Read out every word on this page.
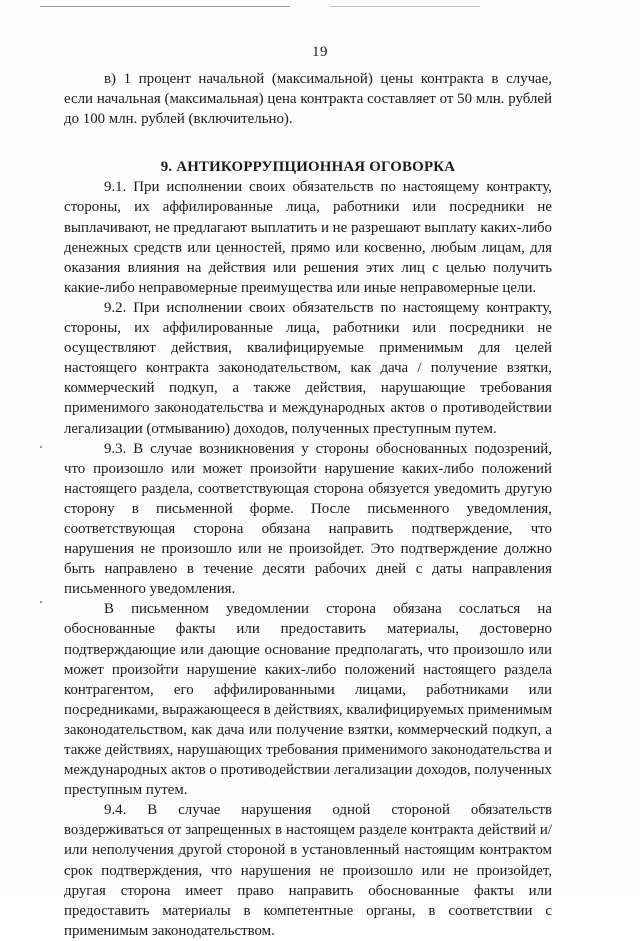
19

в) 1 процент начальной (максимальной) цены контракта в случае, если начальная (максимальная) цена контракта составляет от 50 млн. рублей до 100 млн. рублей (включительно).

9. АНТИКОРРУПЦИОННАЯ ОГОВОРКА

9.1. При исполнении своих обязательств по настоящему контракту, стороны, их аффилированные лица, работники или посредники не выплачивают, не предлагают выплатить и не разрешают выплату каких-либо денежных средств или ценностей, прямо или косвенно, любым лицам, для оказания влияния на действия или решения этих лиц с целью получить какие-либо неправомерные преимущества или иные неправомерные цели.

9.2. При исполнении своих обязательств по настоящему контракту, стороны, их аффилированные лица, работники или посредники не осуществляют действия, квалифицируемые применимым для целей настоящего контракта законодательством, как дача / получение взятки, коммерческий подкуп, а также действия, нарушающие требования применимого законодательства и международных актов о противодействии легализации (отмыванию) доходов, полученных преступным путем.

9.3. В случае возникновения у стороны обоснованных подозрений, что произошло или может произойти нарушение каких-либо положений настоящего раздела, соответствующая сторона обязуется уведомить другую сторону в письменной форме. После письменного уведомления, соответствующая сторона обязана направить подтверждение, что нарушения не произошло или не произойдет. Это подтверждение должно быть направлено в течение десяти рабочих дней с даты направления письменного уведомления.

В письменном уведомлении сторона обязана сослаться на обоснованные факты или предоставить материалы, достоверно подтверждающие или дающие основание предполагать, что произошло или может произойти нарушение каких-либо положений настоящего раздела контрагентом, его аффилированными лицами, работниками или посредниками, выражающееся в действиях, квалифицируемых применимым законодательством, как дача или получение взятки, коммерческий подкуп, а также действиях, нарушающих требования применимого законодательства и международных актов о противодействии легализации доходов, полученных преступным путем.

9.4. В случае нарушения одной стороной обязательств воздерживаться от запрещенных в настоящем разделе контракта действий и/или неполучения другой стороной в установленный настоящим контрактом срок подтверждения, что нарушения не произошло или не произойдет, другая сторона имеет право направить обоснованные факты или предоставить материалы в компетентные органы, в соответствии с применимым законодательством.
